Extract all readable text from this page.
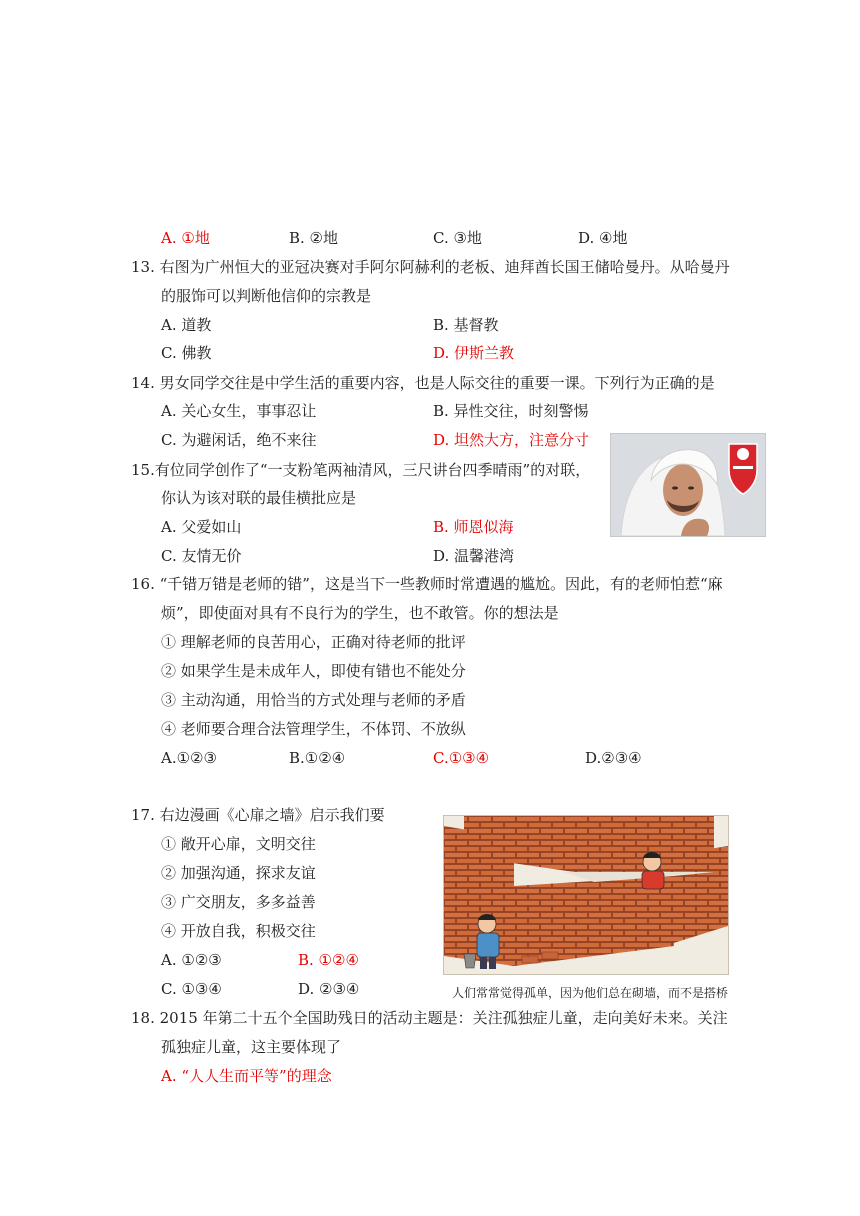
A. ①地	B. ②地	C. ③地	D. ④地
13. 右图为广州恒大的亚冠决赛对手阿尔阿赫利的老板、迪拜酋长国王储哈曼丹。从哈曼丹
的服饰可以判断他信仰的宗教是
A. 道教	B. 基督教
C. 佛教	D. 伊斯兰教
14. 男女同学交往是中学生活的重要内容，也是人际交往的重要一课。下列行为正确的是
A. 关心女生，事事忍让	B. 异性交往，时刻警惕
C. 为避闲话，绝不来往	D. 坦然大方，注意分寸
15.有位同学创作了“一支粉笔两袖清风，三尺讲台四季晴雨”的对联，
你认为该对联的最佳横批应是
A. 父爱如山	B. 师恩似海
C. 友情无价	D. 温馨港湾
16. “千错万错是老师的错”，这是当下一些教师时常遭遇的尴尬。因此，有的老师怕惹“麻
烦”，即使面对具有不良行为的学生，也不敢管。你的想法是
① 理解老师的良苦用心，正确对待老师的批评
② 如果学生是未成年人，即使有错也不能处分
③ 主动沟通，用恰当的方式处理与老师的矛盾
④ 老师要合理合法管理学生，不体罚、不放纵
A.①②③	B.①②④	C.①③④	D.②③④
17. 右边漫画《心扉之墙》启示我们要
① 敞开心扉，文明交往
② 加强沟通，探求友谊
③ 广交朋友，多多益善
④ 开放自我，积极交往
A. ①②③	B. ①②④
C. ①③④	D. ②③④	人们常常觉得孤单，因为他们总在砌墙，而不是搭桥
18. 2015 年第二十五个全国助残日的活动主题是：关注孤独症儿童，走向美好未来。关注
孤独症儿童，这主要体现了
A. “人人生而平等”的理念
